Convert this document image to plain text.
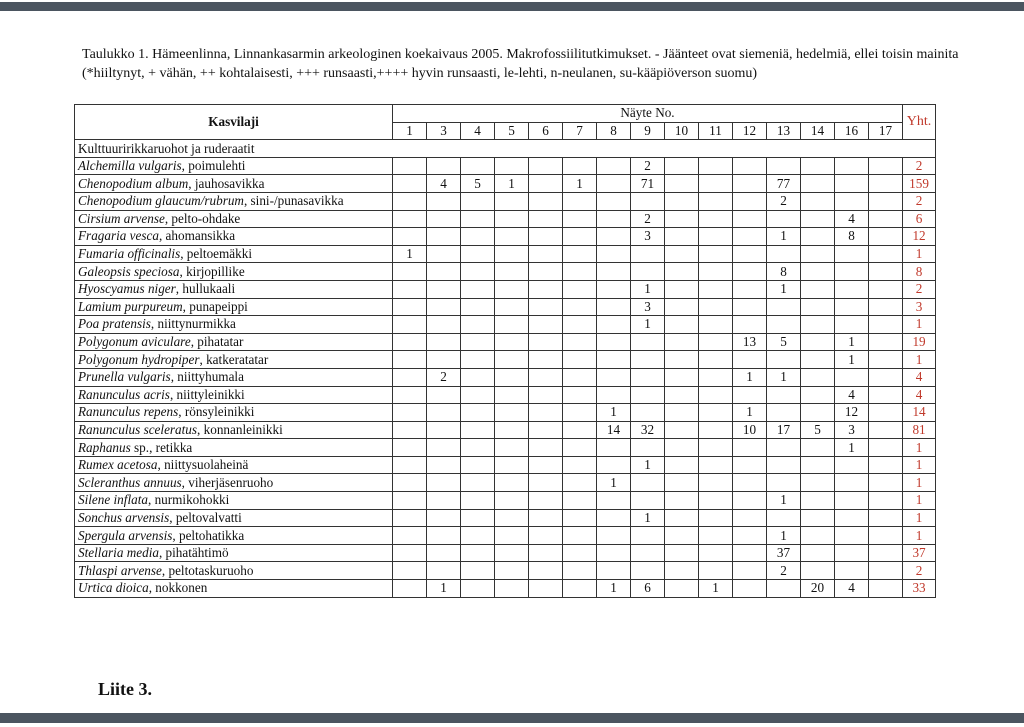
Taulukko 1. Hämeenlinna, Linnankasarmin arkeologinen koekaivaus 2005. Makrofossiilitutkimukset. - Jäänteet ovat siemeniä, hedelmiä, ellei toisin mainita (*hiiltynyt, + vähän, ++ kohtalaisesti, +++ runsaasti,++++ hyvin runsaasti, le-lehti, n-neulanen, su-kääpiöverson suomu)

Kasvilaji	Näyte No.															Yht.
	1	3	4	5	6	7	8	9	10	11	12	13	14	16	17	
Kulttuuririkkaruohot ja ruderaatit																
Alchemilla vulgaris, poimulehti								2								2
Chenopodium album, jauhosavikka		4	5	1		1		71				77				159
Chenopodium glaucum/rubrum, sini-/punasavikka												2				2
Cirsium arvense, pelto-ohdake								2						4		6
Fragaria vesca, ahomansikka								3				1		8		12
Fumaria officinalis, peltoemäkki	1															1
Galeopsis speciosa, kirjopillike												8				8
Hyoscyamus niger, hullukaali								1				1				2
Lamium purpureum, punapeippi								3								3
Poa pratensis, niittynurmikka								1								1
Polygonum aviculare, pihatatar											13	5		1		19
Polygonum hydropiper, katkeratatar														1		1
Prunella vulgaris, niittyhumala		2									1	1				4
Ranunculus acris, niittyleinikki														4		4
Ranunculus repens, rönsyleinikki							1				1			12		14
Ranunculus sceleratus, konnanleinikki							14	32			10	17	5	3		81
Raphanus sp., retikka														1		1
Rumex acetosa, niittysuolaheinä								1								1
Scleranthus annuus, viherjäsenruoho							1									1
Silene inflata, nurmikohokki												1				1
Sonchus arvensis, peltovalvatti								1								1
Spergula arvensis, peltohatikka												1				1
Stellaria media, pihatähtimö												37				37
Thlaspi arvense, peltotaskuruoho												2				2
Urtica dioica, nokkonen		1					1	6		1			20	4		33

Liite 3.
